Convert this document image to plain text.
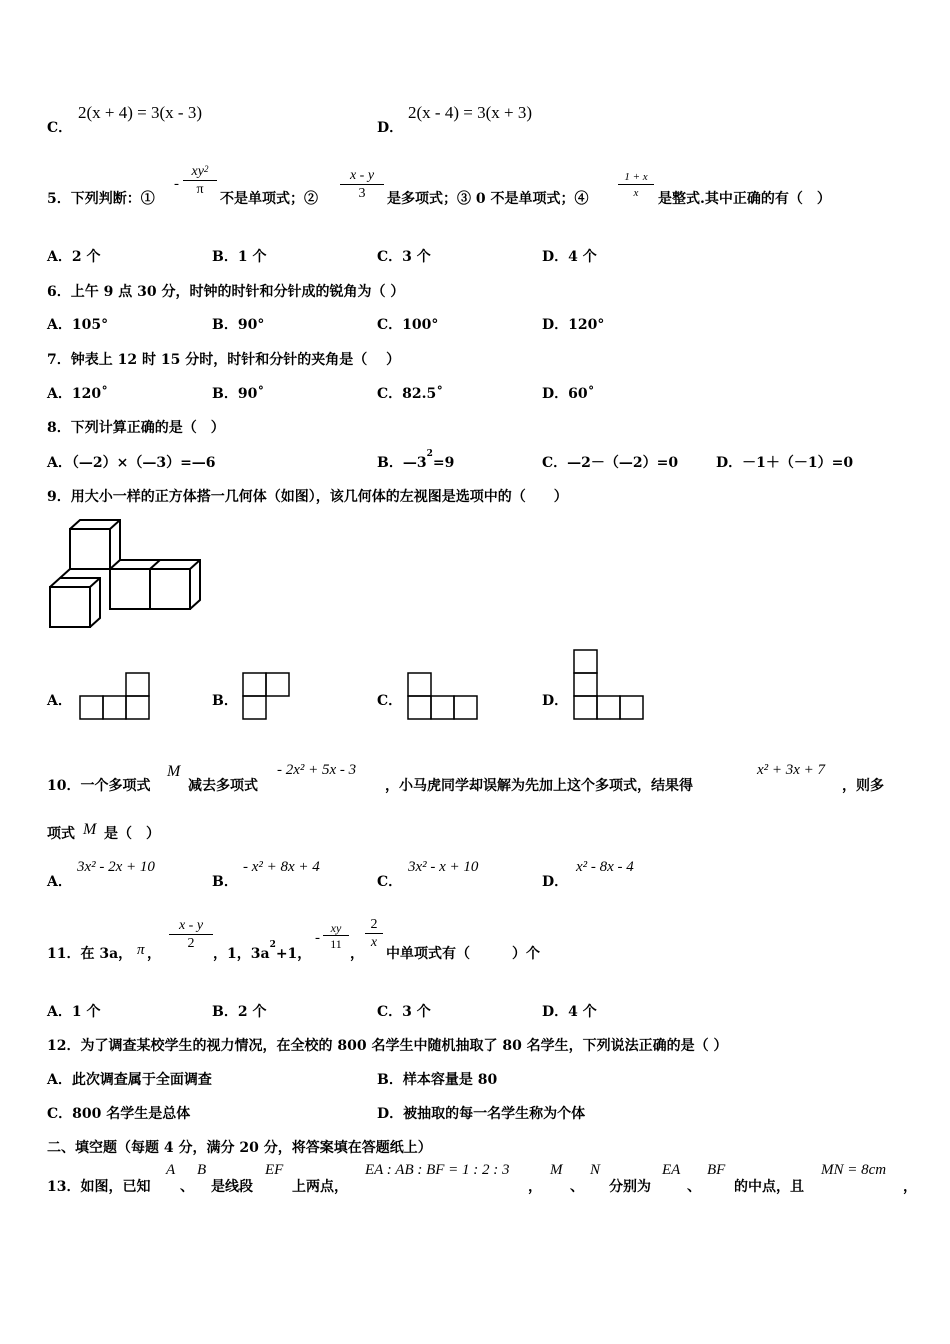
C．
2(x + 4) = 3(x - 3)
D．
2(x - 4) = 3(x + 3)
5．下列判断：①
- $\frac{xy^2}{\pi}$ 不是单项式；② $\frac{x - y}{3}$ 是多项式；③ 0 不是单项式；④	$\frac{1 + x}{x}$ 是整式.其中正确的有（　）
A．2 个	B．1 个	C．3 个	D．4 个
6．上午 9 点 30 分，时钟的时针和分针成的锐角为（ ）
A．105°	B．90°	C．100°	D．120°
7．钟表上 12 时 15 分时，时针和分针的夹角是（　 ）
A．120˚	B．90˚	C．82.5˚	D．60˚
8．下列计算正确的是（　）
A．（—2）×（—3）=—6	B．$—3^2=9$	C．—2－（—2）=0	D．－1＋（－1）=0
9．用大小一样的正方体搭一几何体（如图），该几何体的左视图是选项中的（　　）
A．	B．	C．	D．
10．一个多项式
M
减去多项式
- 2x² + 5x - 3
，小马虎同学却误解为先加上这个多项式，结果得
x² + 3x + 7
，则多
项式 M 是（　）
A．
3x² - 2x + 10
B．
- x² + 8x + 4
C．
3x² - x + 10
D．
x² - 8x - 4
11．在 3a， π ，
$\frac{x - y}{2}$
，1，$3a^2+1$，
- $\frac{xy}{11}$
，
$\frac{2}{x}$
中单项式有（　　　）个
A．1 个	B．2 个	C．3 个	D．4 个
12．为了调查某校学生的视力情况，在全校的 800 名学生中随机抽取了 80 名学生，下列说法正确的是（ ）
A．此次调查属于全面调查	B．样本容量是 80
C．800 名学生是总体	D．被抽取的每一名学生称为个体
二、填空题（每题 4 分，满分 20 分，将答案填在答题纸上）
13．如图，已知
A
、
B
是线段
EF
上两点，
EA : AB : BF = 1 : 2 : 3
，
M
、
N
分别为
EA
、
BF
的中点，且
MN = 8cm
，
